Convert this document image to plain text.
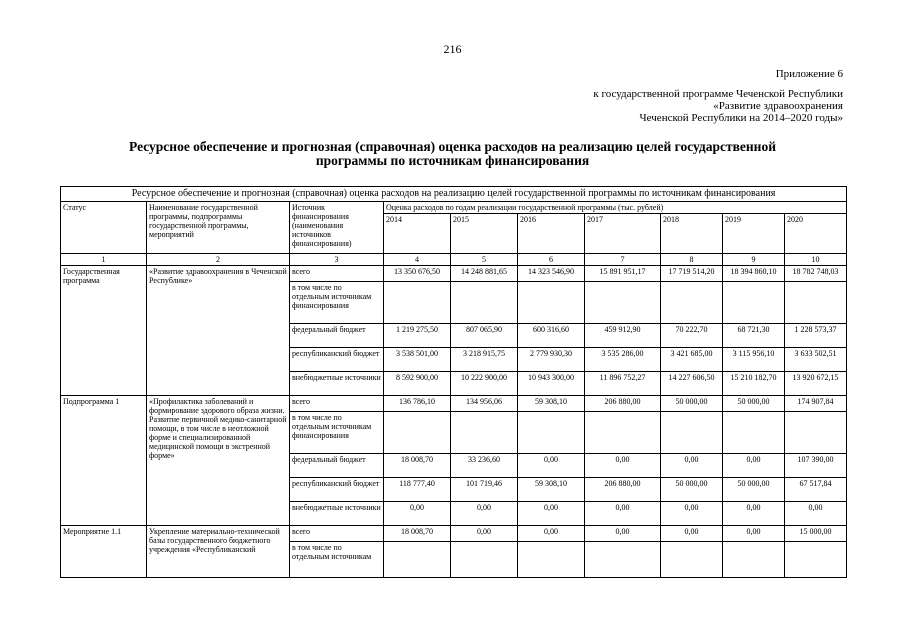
216
Приложение 6
к государственной программе Чеченской Республики
«Развитие здравоохранения
Чеченской Республики на 2014–2020 годы»
Ресурсное обеспечение и прогнозная (справочная) оценка расходов на реализацию целей государственной
программы по источникам финансирования
Ресурсное обеспечение и прогнозная (справочная) оценка расходов на реализацию целей государственной программы по источникам финансирования									
Статус	Наименование государственной программы, подпрограммы государственной программы, мероприятий	Источник финансирования (наименования источников финансирования)	Оценка расходов по годам реализации государственной программы (тыс. рублей)						
			2014	2015	2016	2017	2018	2019	2020
1	2	3	4	5	6	7	8	9	10
Государственная программа	«Развитие здравоохранения в Чеченской Республике»	всего	13 350 676,50	14 248 881,65	14 323 546,90	15 891 951,17	17 719 514,20	18 394 860,10	18 782 748,03
		в том числе по отдельным источникам финансирования							
		федеральный бюджет	1 219 275,50	807 065,90	600 316,60	459 912,90	70 222,70	68 721,30	1 228 573,37
		республиканский бюджет	3 538 501,00	3 218 915,75	2 779 930,30	3 535 286,00	3 421 685,00	3 115 956,10	3 633 502,51
		внебюджетные источники	8 592 900,00	10 222 900,00	10 943 300,00	11 896 752,27	14 227 606,50	15 210 182,70	13 920 672,15
Подпрограмма 1	«Профилактика заболеваний и формирование здорового образа жизни. Развитие первичной медико-санитарной помощи, в том числе в неотложной форме и специализированной медицинской помощи в экстренной форме»	всего	136 786,10	134 956,06	59 308,10	206 880,00	50 000,00	50 000,00	174 907,84
		в том числе по отдельным источникам финансирования							
		федеральный бюджет	18 008,70	33 236,60	0,00	0,00	0,00	0,00	107 390,00
		республиканский бюджет	118 777,40	101 719,46	59 308,10	206 880,00	50 000,00	50 000,00	67 517,84
		внебюджетные источники	0,00	0,00	0,00	0,00	0,00	0,00	0,00
Мероприятие 1.1	Укрепление материально-технической базы государственного бюджетного учреждения «Республиканский	всего	18 008,70	0,00	0,00	0,00	0,00	0,00	15 000,00
		в том числе по отдельным источникам							
